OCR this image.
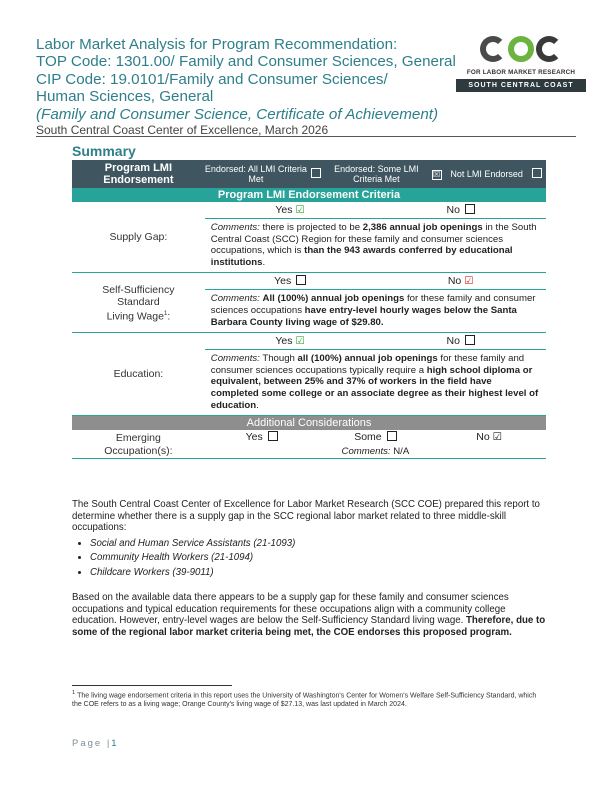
Labor Market Analysis for Program Recommendation:
TOP Code: 1301.00/ Family and Consumer Sciences, General
CIP Code: 19.0101/Family and Consumer Sciences/
Human Sciences, General
(Family and Consumer Science, Certificate of Achievement)
South Central Coast Center of Excellence, March 2026
FOR LABOR MARKET RESEARCH
SOUTH CENTRAL COAST
Summary
Program LMI Endorsement	Endorsed: All LMI Criteria Met		Endorsed: Some LMI Criteria Met	☒	Not LMI Endorsed	
Program LMI Endorsement Criteria						
Supply Gap:	Yes ☑ No					

	Comments: there is projected to be 2,386 annual job openings in the South Central Coast (SCC) Region for these family and consumer sciences occupations, which is than the 943 awards conferred by educational institutions.					
Self-Sufficiency
Standard
Living Wage$^1$:	Yes No ☑					

	Comments: All (100%) annual job openings for these family and consumer sciences occupations have entry-level hourly wages below the Santa Barbara County living wage of $29.80.					
Education:	Yes ☑ No					

	Comments: Though all (100%) annual job openings for these family and consumer sciences occupations typically require a high school diploma or equivalent, between 25% and 37% of workers in the field have completed some college or an associate degree as their highest level of education.					
Additional Considerations						
Emerging
Occupation(s):	Yes Some No ☑					

	Comments: N/A					
The South Central Coast Center of Excellence for Labor Market Research (SCC COE) prepared this report to determine whether there is a supply gap in the SCC regional labor market related to three middle-skill occupations:
• Social and Human Service Assistants (21-1093)
• Community Health Workers (21-1094)
• Childcare Workers (39-9011)
Based on the available data there appears to be a supply gap for these family and consumer sciences occupations and typical education requirements for these occupations align with a community college education. However, entry-level wages are below the Self-Sufficiency Standard living wage. Therefore, due to some of the regional labor market criteria being met, the COE endorses this proposed program.
$^1$ The living wage endorsement criteria in this report uses the University of Washington's Center for Women's Welfare Self-Sufficiency Standard, which the COE refers to as a living wage; Orange County's living wage of $27.13, was last updated in March 2024.
Page |1
